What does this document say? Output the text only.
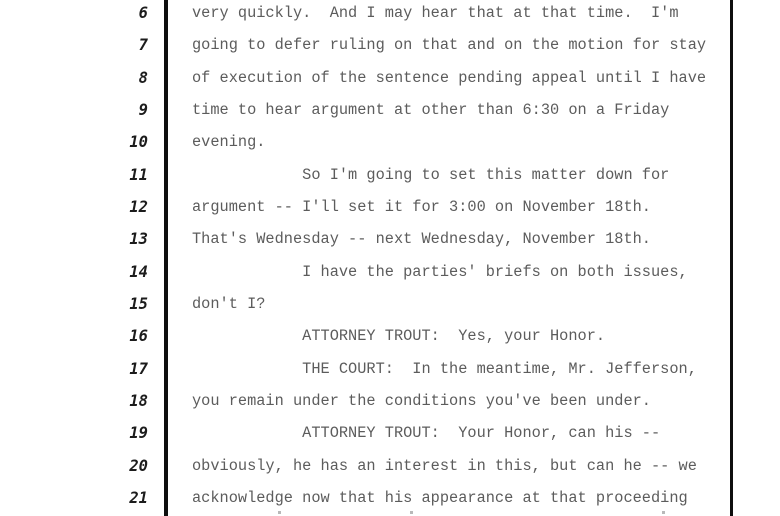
6
7
8
9
10
11
12
13
14
15
16
17
18
19
20
21
very quickly.  And I may hear that at that time.  I'm
going to defer ruling on that and on the motion for stay
of execution of the sentence pending appeal until I have
time to hear argument at other than 6:30 on a Friday
evening.
So I'm going to set this matter down for
argument -- I'll set it for 3:00 on November 18th.
That's Wednesday -- next Wednesday, November 18th.
I have the parties' briefs on both issues,
don't I?
ATTORNEY TROUT:  Yes, your Honor.
THE COURT:  In the meantime, Mr. Jefferson,
you remain under the conditions you've been under.
ATTORNEY TROUT:  Your Honor, can his --
obviously, he has an interest in this, but can he -- we
acknowledge now that his appearance at that proceeding
